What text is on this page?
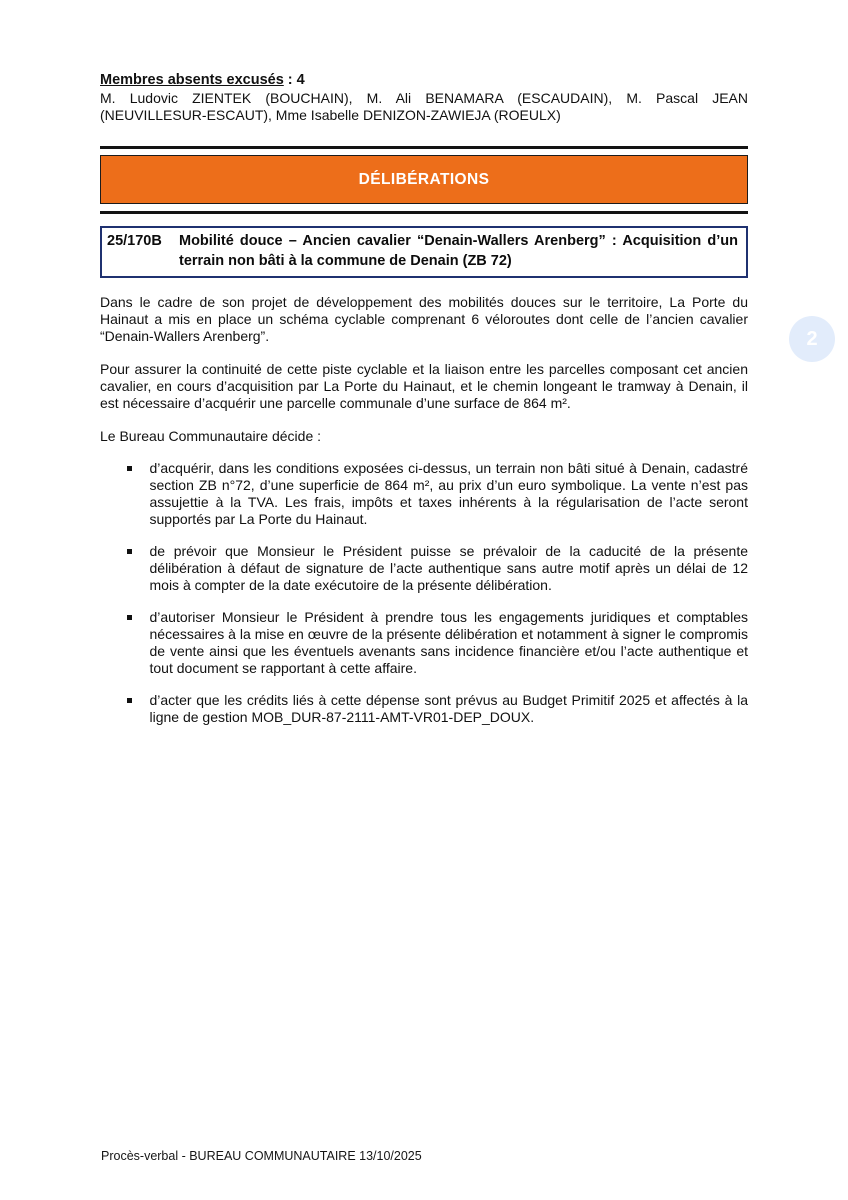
Membres absents excusés : 4

M. Ludovic ZIENTEK (BOUCHAIN), M. Ali BENAMARA (ESCAUDAIN), M. Pascal JEAN (NEUVILLESUR-ESCAUT), Mme Isabelle DENIZON-ZAWIEJA (ROEULX)

DÉLIBÉRATIONS
25/170B	Mobilité douce – Ancien cavalier “Denain-Wallers Arenberg” : Acquisition d’un terrain non bâti à la commune de Denain (ZB 72)

Dans le cadre de son projet de développement des mobilités douces sur le territoire, La Porte du Hainaut a mis en place un schéma cyclable comprenant 6 véloroutes dont celle de l’ancien cavalier “Denain-Wallers Arenberg”.

Pour assurer la continuité de cette piste cyclable et la liaison entre les parcelles composant cet ancien cavalier, en cours d’acquisition par La Porte du Hainaut, et le chemin longeant le tramway à Denain, il est nécessaire d’acquérir une parcelle communale d’une surface de 864 m².

Le Bureau Communautaire décide :

d’acquérir, dans les conditions exposées ci-dessus, un terrain non bâti situé à Denain, cadastré section ZB n°72, d’une superficie de 864 m², au prix d’un euro symbolique. La vente n’est pas assujettie à la TVA. Les frais, impôts et taxes inhérents à la régularisation de l’acte seront supportés par La Porte du Hainaut.
de prévoir que Monsieur le Président puisse se prévaloir de la caducité de la présente délibération à défaut de signature de l’acte authentique sans autre motif après un délai de 12 mois à compter de la date exécutoire de la présente délibération.
d’autoriser Monsieur le Président à prendre tous les engagements juridiques et comptables nécessaires à la mise en œuvre de la présente délibération et notamment à signer le compromis de vente ainsi que les éventuels avenants sans incidence financière et/ou l’acte authentique et tout document se rapportant à cette affaire.
d’acter que les crédits liés à cette dépense sont prévus au Budget Primitif 2025 et affectés à la ligne de gestion MOB_DUR-87-2111-AMT-VR01-DEP_DOUX.
Procès-verbal - BUREAU COMMUNAUTAIRE 13/10/2025
2
